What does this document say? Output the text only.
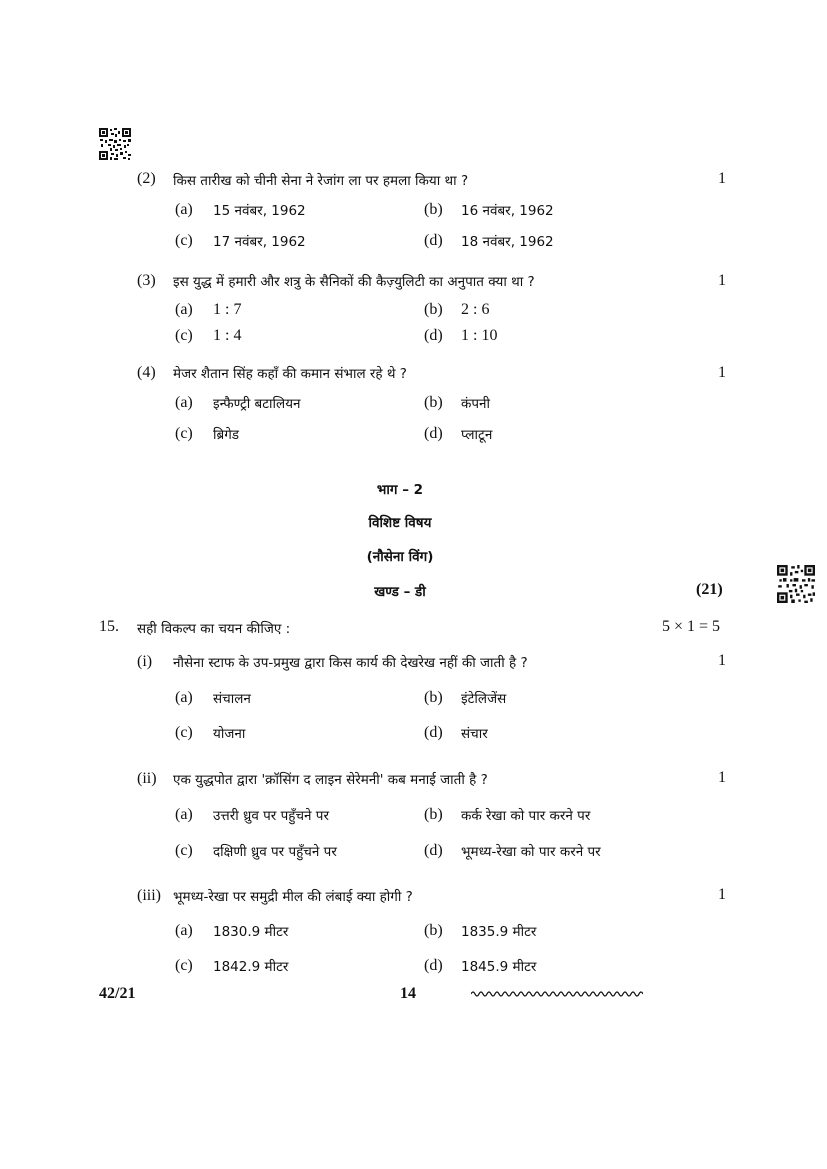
(2) किस तारीख को चीनी सेना ने रेजांग ला पर हमला किया था ?	1
(a) 15 नवंबर, 1962	(b) 16 नवंबर, 1962
(c) 17 नवंबर, 1962	(d) 18 नवंबर, 1962
(3) इस युद्ध में हमारी और शत्रु के सैनिकों की कैज़्युलिटी का अनुपात क्या था ?	1
(a) 1 : 7	(b) 2 : 6
(c) 1 : 4	(d) 1 : 10
(4) मेजर शैतान सिंह कहाँ की कमान संभाल रहे थे ?	1
(a) इन्फैण्ट्री बटालियन	(b) कंपनी
(c) ब्रिगेड	(d) प्लाटून
भाग – 2
विशिष्ट विषय
(नौसेना विंग)
खण्ड – डी	(21)
15. सही विकल्प का चयन कीजिए :	5 × 1 = 5
(i) नौसेना स्टाफ के उप-प्रमुख द्वारा किस कार्य की देखरेख नहीं की जाती है ?	1
(a) संचालन	(b) इंटेलिजेंस
(c) योजना	(d) संचार
(ii) एक युद्धपोत द्वारा 'क्रॉसिंग द लाइन सेरेमनी' कब मनाई जाती है ?	1
(a) उत्तरी ध्रुव पर पहुँचने पर	(b) कर्क रेखा को पार करने पर
(c) दक्षिणी ध्रुव पर पहुँचने पर	(d) भूमध्य-रेखा को पार करने पर
(iii) भूमध्य-रेखा पर समुद्री मील की लंबाई क्या होगी ?	1
(a) 1830.9 मीटर	(b) 1835.9 मीटर
(c) 1842.9 मीटर	(d) 1845.9 मीटर
42/21	14
